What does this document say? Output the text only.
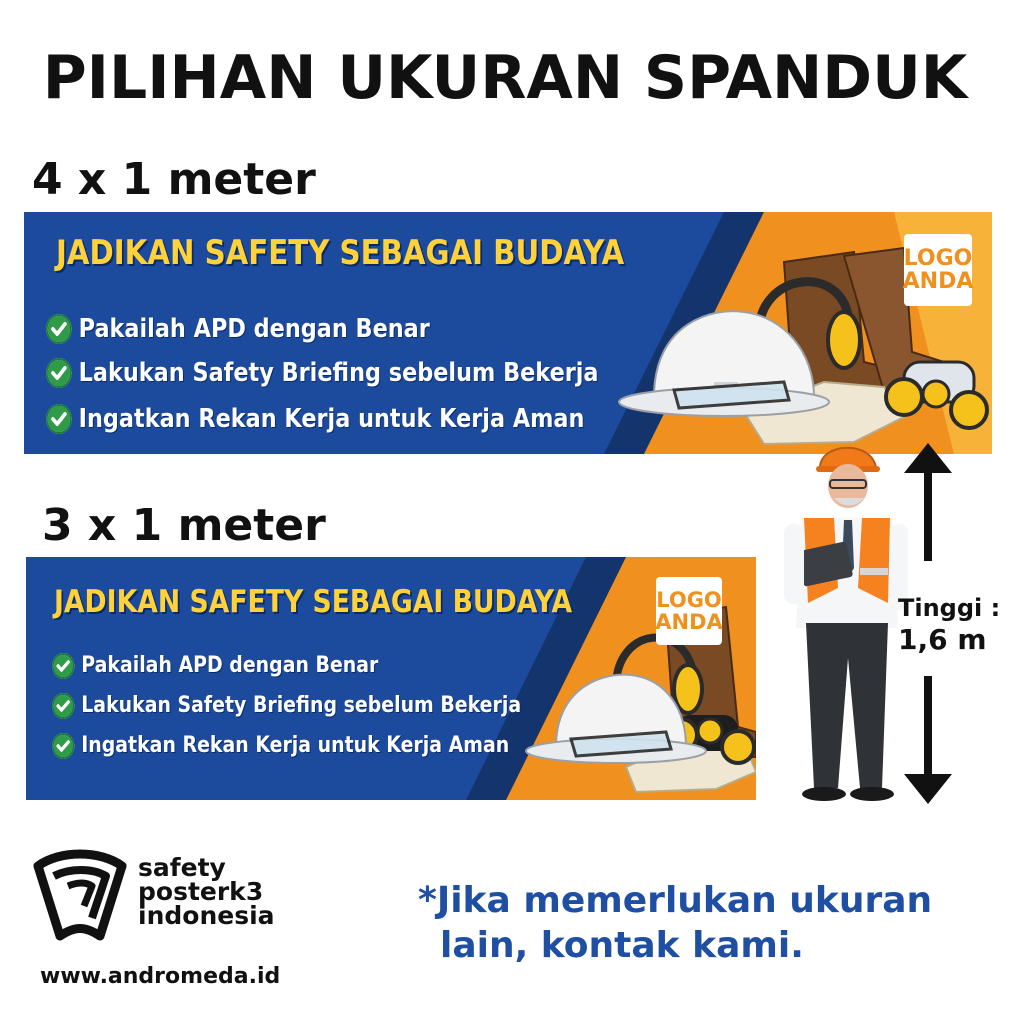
PILIHAN UKURAN SPANDUK
4 x 1 meter
JADIKAN SAFETY SEBAGAI BUDAYA
Pakailah APD dengan Benar
Lakukan Safety Briefing sebelum Bekerja
Ingatkan Rekan Kerja untuk Kerja Aman
LOGO
ANDA
3 x 1 meter
JADIKAN SAFETY SEBAGAI BUDAYA
Pakailah APD dengan Benar
Lakukan Safety Briefing sebelum Bekerja
Ingatkan Rekan Kerja untuk Kerja Aman
LOGO
ANDA	Tinggi :
1,6 m
safety
posterk3
indonesia
www.andromeda.id
*Jika memerlukan ukuran
lain, kontak kami.
